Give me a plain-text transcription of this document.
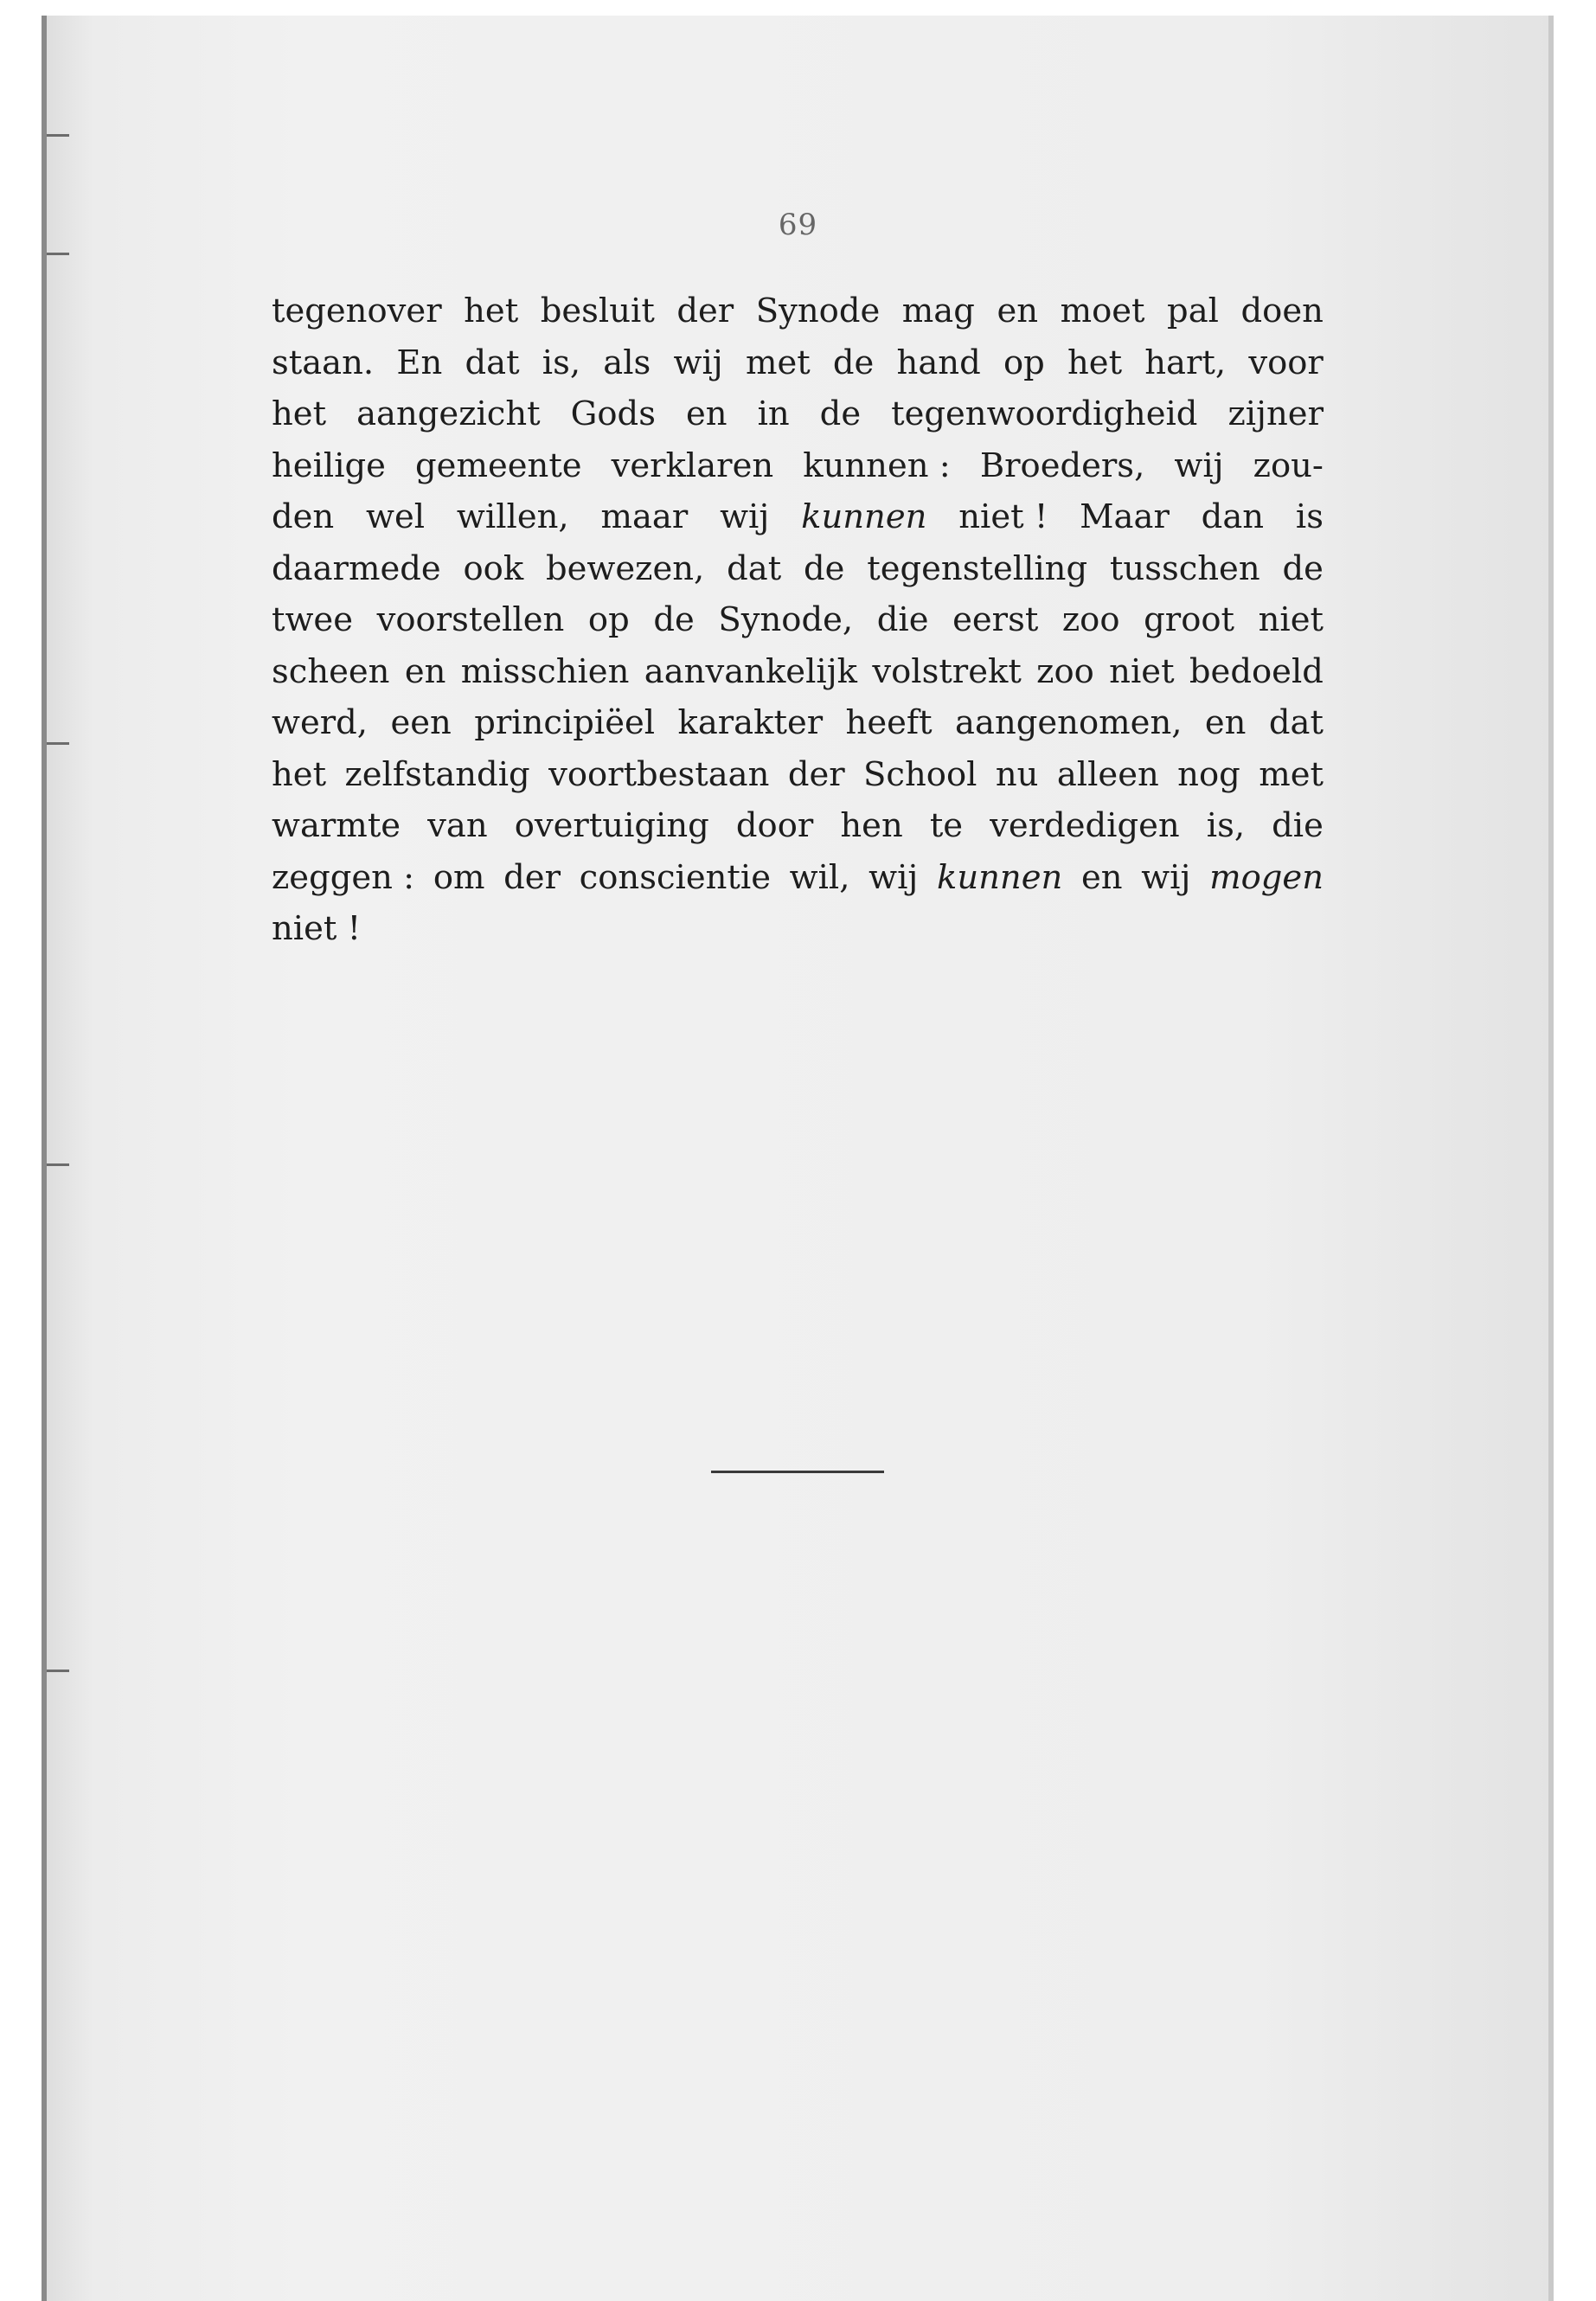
69
tegenover het besluit der Synode mag en moet pal doen
staan. En dat is, als wij met de hand op het hart, voor
het aangezicht Gods en in de tegenwoordigheid zijner
heilige gemeente verklaren kunnen : Broeders, wij zou-
den wel willen, maar wij kunnen niet ! Maar dan is
daarmede ook bewezen, dat de tegenstelling tusschen de
twee voorstellen op de Synode, die eerst zoo groot niet
scheen en misschien aanvankelijk volstrekt zoo niet bedoeld
werd, een principiëel karakter heeft aangenomen, en dat
het zelfstandig voortbestaan der School nu alleen nog met
warmte van overtuiging door hen te verdedigen is, die
zeggen : om der conscientie wil, wij kunnen en wij mogen
niet !
